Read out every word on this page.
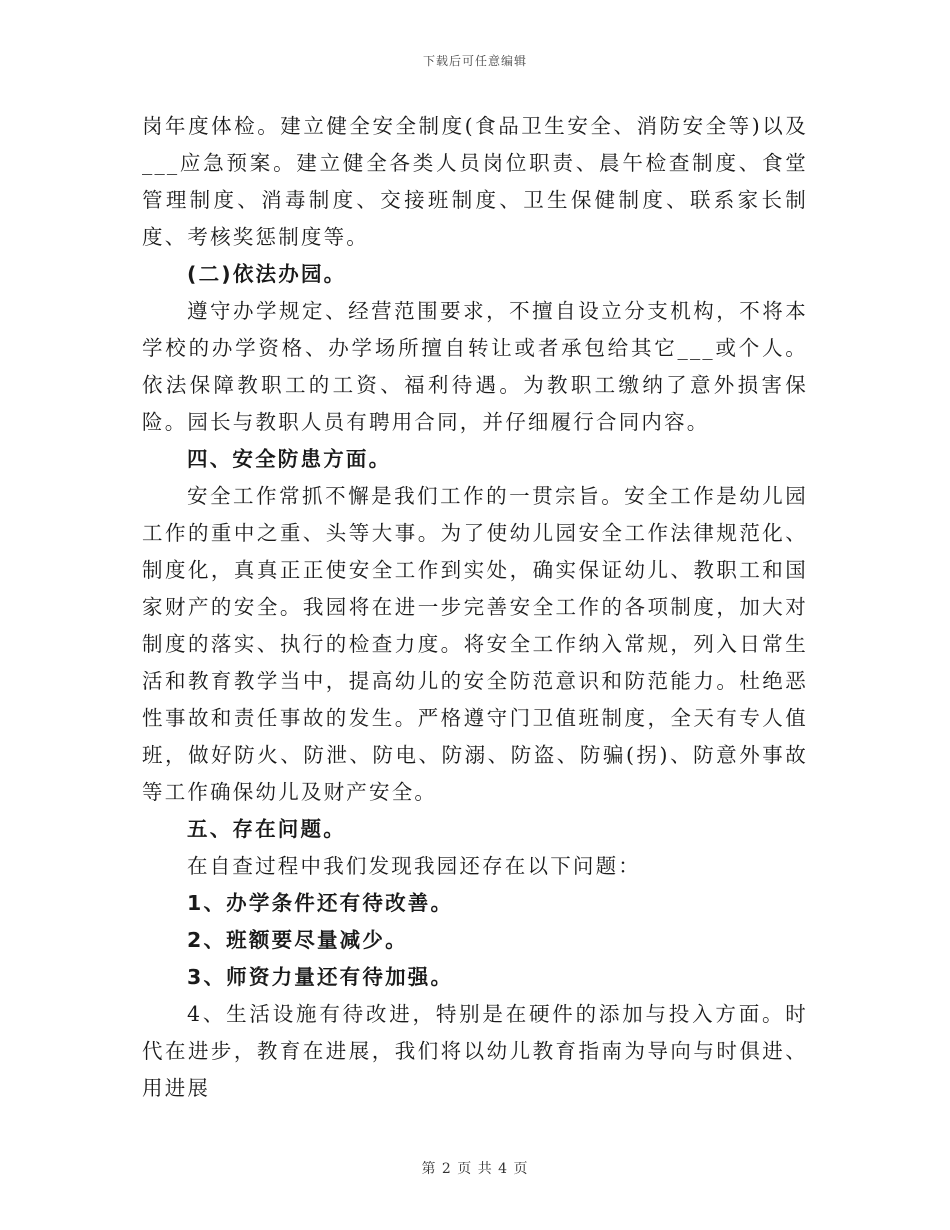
下载后可任意编辑

岗年度体检。建立健全安全制度(食品卫生安全、消防安全等)以及___应急预案。建立健全各类人员岗位职责、晨午检查制度、食堂管理制度、消毒制度、交接班制度、卫生保健制度、联系家长制度、考核奖惩制度等。

(二)依法办园。

遵守办学规定、经营范围要求，不擅自设立分支机构，不将本学校的办学资格、办学场所擅自转让或者承包给其它___或个人。依法保障教职工的工资、福利待遇。为教职工缴纳了意外损害保险。园长与教职人员有聘用合同，并仔细履行合同内容。

四、安全防患方面。

安全工作常抓不懈是我们工作的一贯宗旨。安全工作是幼儿园工作的重中之重、头等大事。为了使幼儿园安全工作法律规范化、制度化，真真正正使安全工作到实处，确实保证幼儿、教职工和国家财产的安全。我园将在进一步完善安全工作的各项制度，加大对制度的落实、执行的检查力度。将安全工作纳入常规，列入日常生活和教育教学当中，提高幼儿的安全防范意识和防范能力。杜绝恶性事故和责任事故的发生。严格遵守门卫值班制度，全天有专人值班，做好防火、防泄、防电、防溺、防盗、防骗(拐)、防意外事故等工作确保幼儿及财产安全。

五、存在问题。

在自查过程中我们发现我园还存在以下问题：

1、办学条件还有待改善。

2、班额要尽量减少。

3、师资力量还有待加强。

4、生活设施有待改进，特别是在硬件的添加与投入方面。时代在进步，教育在进展，我们将以幼儿教育指南为导向与时俱进、用进展

第 2 页 共 4 页
